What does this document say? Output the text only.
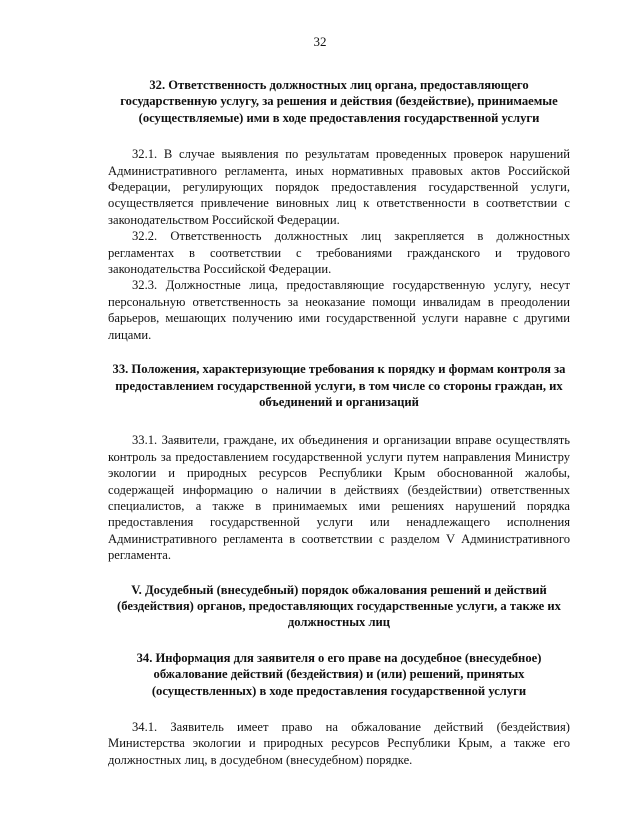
32

32. Ответственность должностных лиц органа, предоставляющего государственную услугу, за решения и действия (бездействие), принимаемые (осуществляемые) ими в ходе предоставления государственной услуги

32.1. В случае выявления по результатам проведенных проверок нарушений Административного регламента, иных нормативных правовых актов Российской Федерации, регулирующих порядок предоставления государственной услуги, осуществляется привлечение виновных лиц к ответственности в соответствии с законодательством Российской Федерации.

32.2. Ответственность должностных лиц закрепляется в должностных регламентах в соответствии с требованиями гражданского и трудового законодательства Российской Федерации.

32.3. Должностные лица, предоставляющие государственную услугу, несут персональную ответственность за неоказание помощи инвалидам в преодолении барьеров, мешающих получению ими государственной услуги наравне с другими лицами.

33. Положения, характеризующие требования к порядку и формам контроля за предоставлением государственной услуги, в том числе со стороны граждан, их объединений и организаций

33.1. Заявители, граждане, их объединения и организации вправе осуществлять контроль за предоставлением государственной услуги путем направления Министру экологии и природных ресурсов Республики Крым обоснованной жалобы, содержащей информацию о наличии в действиях (бездействии) ответственных специалистов, а также в принимаемых ими решениях нарушений порядка предоставления государственной услуги или ненадлежащего исполнения Административного регламента в соответствии с разделом V Административного регламента.

V. Досудебный (внесудебный) порядок обжалования решений и действий (бездействия) органов, предоставляющих государственные услуги, а также их должностных лиц

34. Информация для заявителя о его праве на досудебное (внесудебное) обжалование действий (бездействия) и (или) решений, принятых (осуществленных) в ходе предоставления государственной услуги

34.1. Заявитель имеет право на обжалование действий (бездействия) Министерства экологии и природных ресурсов Республики Крым, а также его должностных лиц, в досудебном (внесудебном) порядке.
